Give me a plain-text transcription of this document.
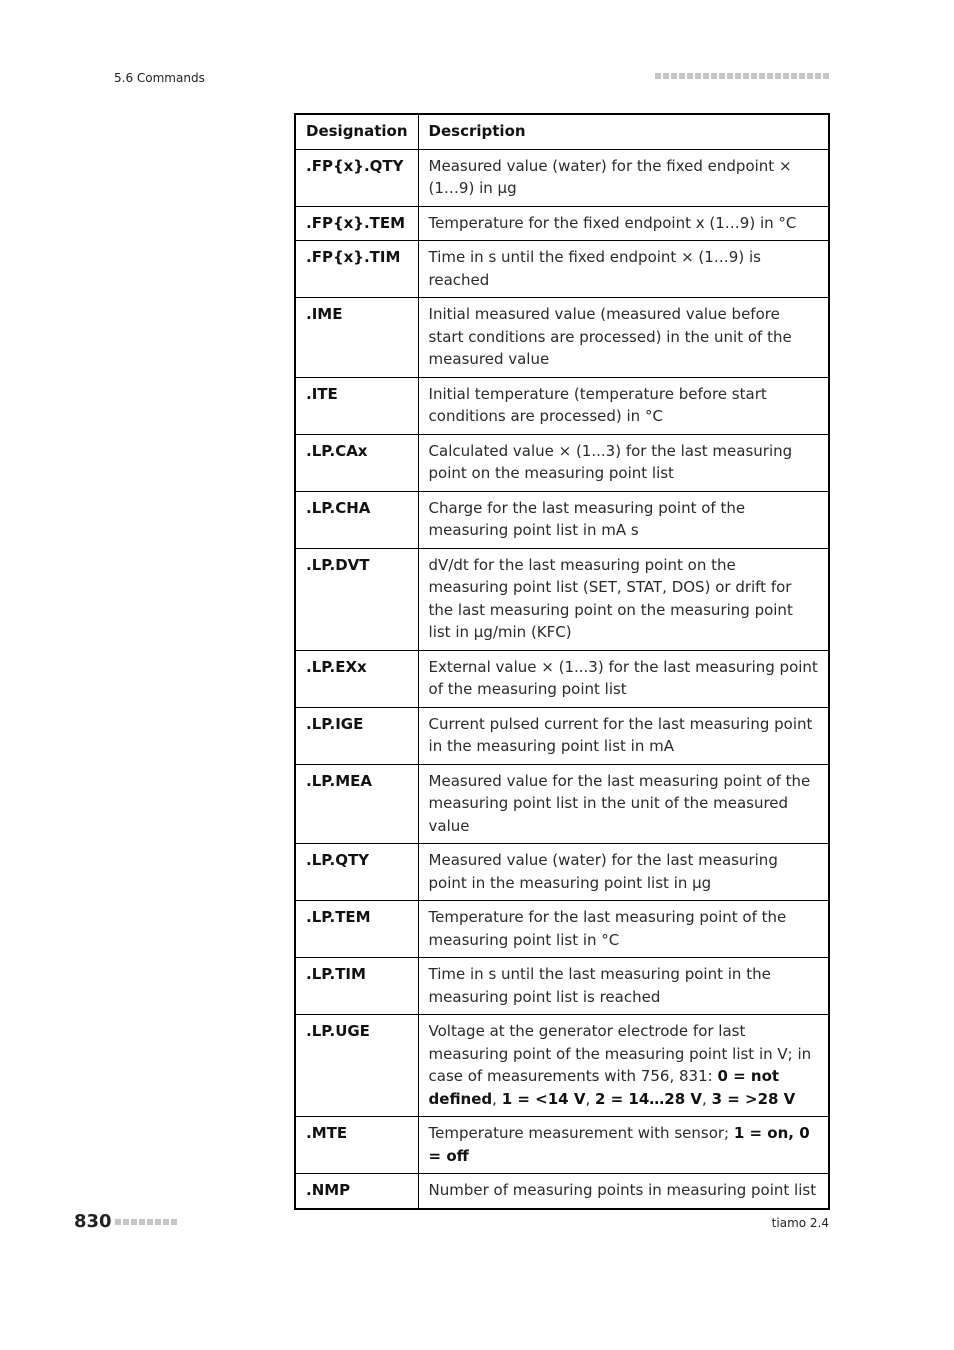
5.6 Commands
Designation	Description
.FP{x}.QTY	Measured value (water) for the fixed endpoint × (1…9) in µg
.FP{x}.TEM	Temperature for the fixed endpoint x (1…9) in °C
.FP{x}.TIM	Time in s until the fixed endpoint × (1…9) is reached
.IME	Initial measured value (measured value before start conditions are processed) in the unit of the measured value
.ITE	Initial temperature (temperature before start conditions are processed) in °C
.LP.CAx	Calculated value × (1...3) for the last measuring point on the measuring point list
.LP.CHA	Charge for the last measuring point of the measuring point list in mA s
.LP.DVT	dV/dt for the last measuring point on the measuring point list (SET, STAT, DOS) or drift for the last measuring point on the measuring point list in µg/min (KFC)
.LP.EXx	External value × (1...3) for the last measuring point of the measuring point list
.LP.IGE	Current pulsed current for the last measuring point in the measuring point list in mA
.LP.MEA	Measured value for the last measuring point of the measuring point list in the unit of the measured value
.LP.QTY	Measured value (water) for the last measuring point in the measuring point list in µg
.LP.TEM	Temperature for the last measuring point of the measuring point list in °C
.LP.TIM	Time in s until the last measuring point in the measuring point list is reached
.LP.UGE	Voltage at the generator electrode for last measuring point of the measuring point list in V; in case of measurements with 756, 831: 0 = not defined, 1 = <14 V, 2 = 14…28 V, 3 = >28 V
.MTE	Temperature measurement with sensor; 1 = on, 0 = off
.NMP	Number of measuring points in measuring point list
830	tiamo 2.4
